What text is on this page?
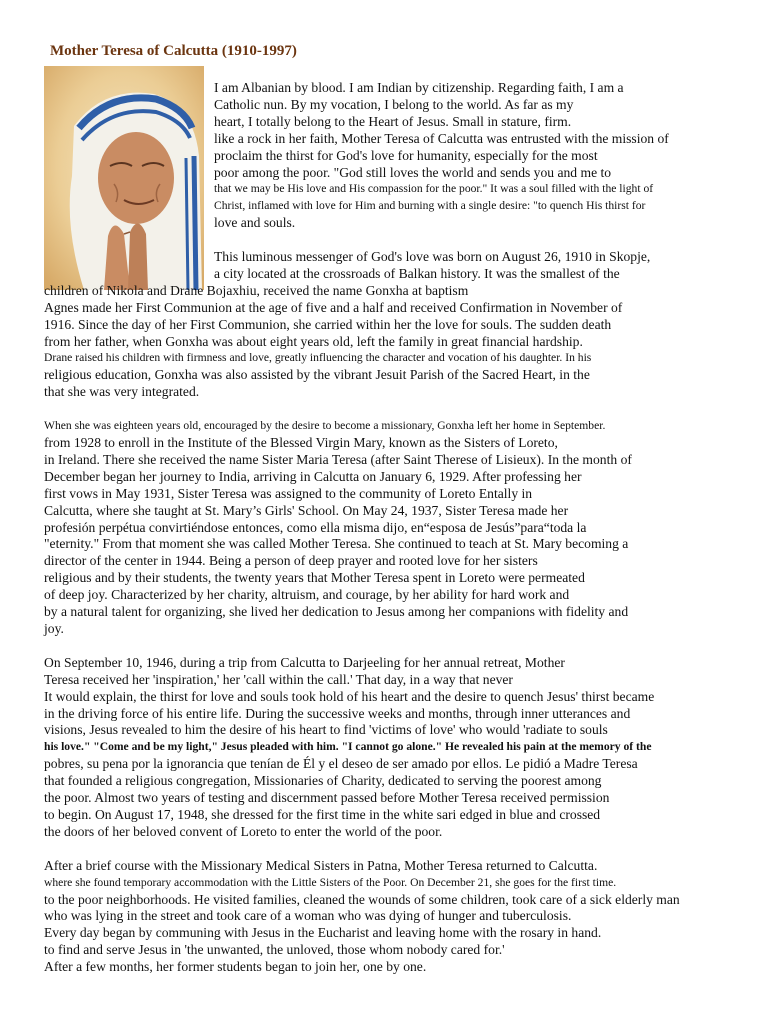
Mother Teresa of Calcutta (1910-1997)
I am Albanian by blood. I am Indian by citizenship. Regarding faith, I am a
Catholic nun. By my vocation, I belong to the world. As far as my
heart, I totally belong to the Heart of Jesus. Small in stature, firm.
like a rock in her faith, Mother Teresa of Calcutta was entrusted with the mission of
proclaim the thirst for God's love for humanity, especially for the most
poor among the poor. "God still loves the world and sends you and me to
that we may be His love and His compassion for the poor." It was a soul filled with the light of
Christ, inflamed with love for Him and burning with a single desire: "to quench His thirst for
love and souls.
This luminous messenger of God's love was born on August 26, 1910 in Skopje,
a city located at the crossroads of Balkan history. It was the smallest of the
children of Nikola and Drane Bojaxhiu, received the name Gonxha at baptism
Agnes made her First Communion at the age of five and a half and received Confirmation in November of
1916. Since the day of her First Communion, she carried within her the love for souls. The sudden death
from her father, when Gonxha was about eight years old, left the family in great financial hardship.
Drane raised his children with firmness and love, greatly influencing the character and vocation of his daughter. In his
religious education, Gonxha was also assisted by the vibrant Jesuit Parish of the Sacred Heart, in the
that she was very integrated.
When she was eighteen years old, encouraged by the desire to become a missionary, Gonxha left her home in September.
from 1928 to enroll in the Institute of the Blessed Virgin Mary, known as the Sisters of Loreto,
in Ireland. There she received the name Sister Maria Teresa (after Saint Therese of Lisieux). In the month of
December began her journey to India, arriving in Calcutta on January 6, 1929. After professing her
first vows in May 1931, Sister Teresa was assigned to the community of Loreto Entally in
Calcutta, where she taught at St. Mary’s Girls' School. On May 24, 1937, Sister Teresa made her
profesión perpétua convirtiéndose entonces, como ella misma dijo, en“esposa de Jesús”para“toda la
"eternity." From that moment she was called Mother Teresa. She continued to teach at St. Mary becoming a
director of the center in 1944. Being a person of deep prayer and rooted love for her sisters
religious and by their students, the twenty years that Mother Teresa spent in Loreto were permeated
of deep joy. Characterized by her charity, altruism, and courage, by her ability for hard work and
by a natural talent for organizing, she lived her dedication to Jesus among her companions with fidelity and
joy.
On September 10, 1946, during a trip from Calcutta to Darjeeling for her annual retreat, Mother
Teresa received her 'inspiration,' her 'call within the call.' That day, in a way that never
It would explain, the thirst for love and souls took hold of his heart and the desire to quench Jesus' thirst became
in the driving force of his entire life. During the successive weeks and months, through inner utterances and
visions, Jesus revealed to him the desire of his heart to find 'victims of love' who would 'radiate to souls
his love." "Come and be my light," Jesus pleaded with him. "I cannot go alone." He revealed his pain at the memory of the
pobres, su pena por la ignorancia que tenían de Él y el deseo de ser amado por ellos. Le pidió a Madre Teresa
that founded a religious congregation, Missionaries of Charity, dedicated to serving the poorest among
the poor. Almost two years of testing and discernment passed before Mother Teresa received permission
to begin. On August 17, 1948, she dressed for the first time in the white sari edged in blue and crossed
the doors of her beloved convent of Loreto to enter the world of the poor.
After a brief course with the Missionary Medical Sisters in Patna, Mother Teresa returned to Calcutta.
where she found temporary accommodation with the Little Sisters of the Poor. On December 21, she goes for the first time.
to the poor neighborhoods. He visited families, cleaned the wounds of some children, took care of a sick elderly man
who was lying in the street and took care of a woman who was dying of hunger and tuberculosis.
Every day began by communing with Jesus in the Eucharist and leaving home with the rosary in hand.
to find and serve Jesus in 'the unwanted, the unloved, those whom nobody cared for.'
After a few months, her former students began to join her, one by one.
